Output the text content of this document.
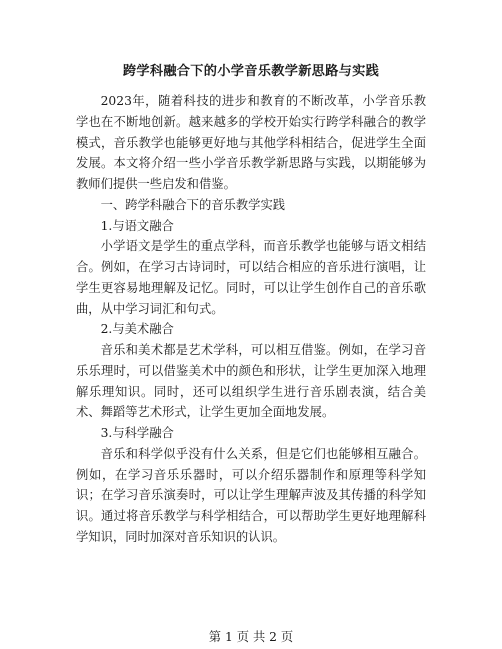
跨学科融合下的小学音乐教学新思路与实践

2023年，随着科技的进步和教育的不断改革，小学音乐教学也在不断地创新。越来越多的学校开始实行跨学科融合的教学模式，音乐教学也能够更好地与其他学科相结合，促进学生全面发展。本文将介绍一些小学音乐教学新思路与实践，以期能够为教师们提供一些启发和借鉴。

一、跨学科融合下的音乐教学实践

1.与语文融合

小学语文是学生的重点学科，而音乐教学也能够与语文相结合。例如，在学习古诗词时，可以结合相应的音乐进行演唱，让学生更容易地理解及记忆。同时，可以让学生创作自己的音乐歌曲，从中学习词汇和句式。

2.与美术融合

音乐和美术都是艺术学科，可以相互借鉴。例如，在学习音乐乐理时，可以借鉴美术中的颜色和形状，让学生更加深入地理解乐理知识。同时，还可以组织学生进行音乐剧表演，结合美术、舞蹈等艺术形式，让学生更加全面地发展。

3.与科学融合

音乐和科学似乎没有什么关系，但是它们也能够相互融合。例如，在学习音乐乐器时，可以介绍乐器制作和原理等科学知识；在学习音乐演奏时，可以让学生理解声波及其传播的科学知识。通过将音乐教学与科学相结合，可以帮助学生更好地理解科学知识，同时加深对音乐知识的认识。

第 1 页 共 2 页
